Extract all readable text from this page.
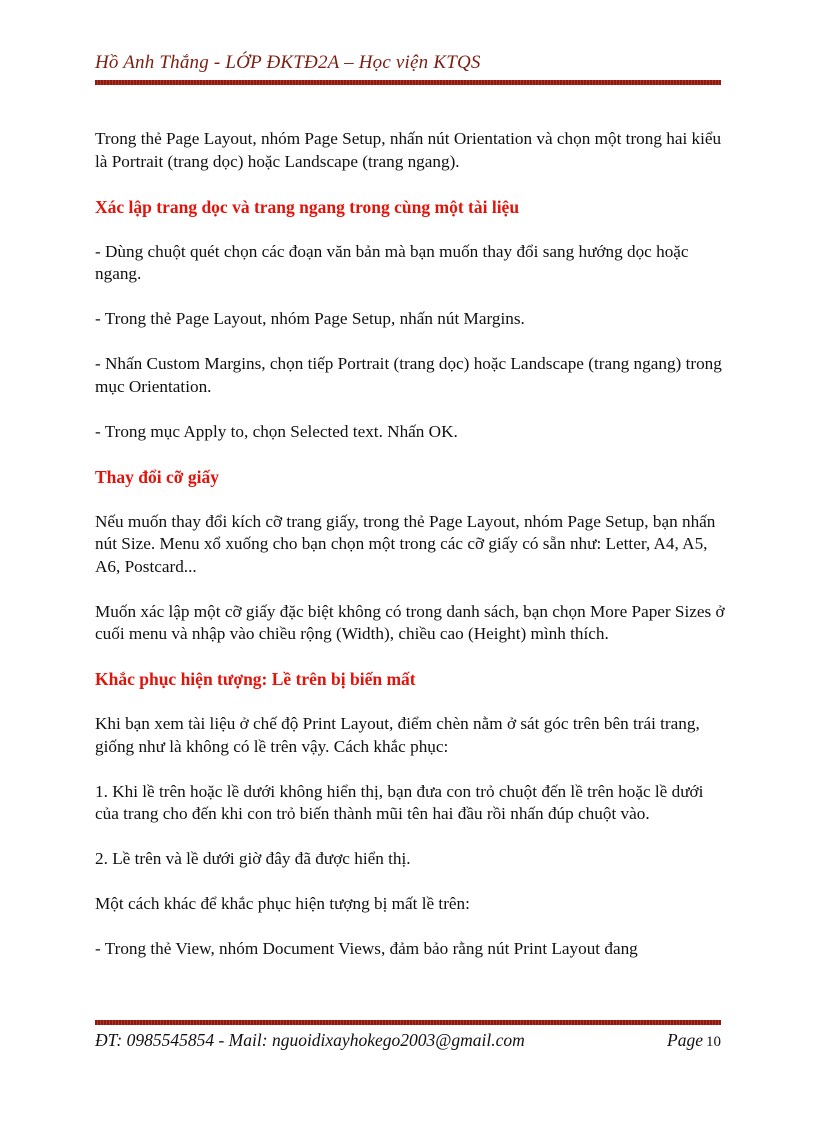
Hồ Anh Thắng - LỚP ĐKTĐ2A – Học viện KTQS

Trong thẻ Page Layout, nhóm Page Setup, nhấn nút Orientation và chọn một trong hai kiểu là Portrait (trang dọc) hoặc Landscape (trang ngang).

Xác lập trang dọc và trang ngang trong cùng một tài liệu

- Dùng chuột quét chọn các đoạn văn bản mà bạn muốn thay đổi sang hướng dọc hoặc ngang.

- Trong thẻ Page Layout, nhóm Page Setup, nhấn nút Margins.

- Nhấn Custom Margins, chọn tiếp Portrait (trang dọc) hoặc Landscape (trang ngang) trong mục Orientation.

- Trong mục Apply to, chọn Selected text. Nhấn OK.

Thay đổi cỡ giấy

Nếu muốn thay đổi kích cỡ trang giấy, trong thẻ Page Layout, nhóm Page Setup, bạn nhấn nút Size. Menu xổ xuống cho bạn chọn một trong các cỡ giấy có sẵn như: Letter, A4, A5, A6, Postcard...

Muốn xác lập một cỡ giấy đặc biệt không có trong danh sách, bạn chọn More Paper Sizes ở cuối menu và nhập vào chiều rộng (Width), chiều cao (Height) mình thích.

Khắc phục hiện tượng: Lề trên bị biến mất

Khi bạn xem tài liệu ở chế độ Print Layout, điểm chèn nằm ở sát góc trên bên trái trang, giống như là không có lề trên vậy. Cách khắc phục:

1. Khi lề trên hoặc lề dưới không hiển thị, bạn đưa con trỏ chuột đến lề trên hoặc lề dưới của trang cho đến khi con trỏ biến thành mũi tên hai đầu rồi nhấn đúp chuột vào.

2. Lề trên và lề dưới giờ đây đã được hiển thị.

Một cách khác để khắc phục hiện tượng bị mất lề trên:

- Trong thẻ View, nhóm Document Views, đảm bảo rằng nút Print Layout đang

ĐT: 0985545854 - Mail: nguoidixayhokego2003@gmail.com	Page 10
